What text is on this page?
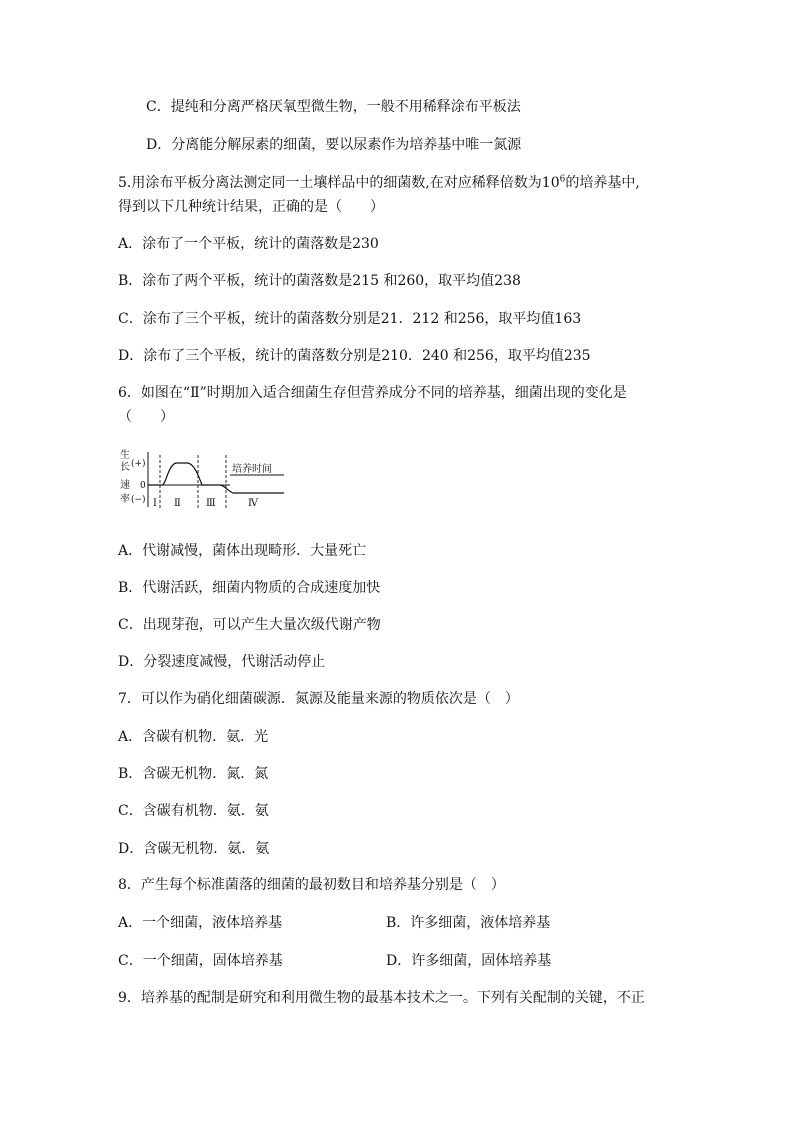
C．提纯和分离严格厌氧型微生物，一般不用稀释涂布平板法
D．分离能分解尿素的细菌，要以尿素作为培养基中唯一氮源
5.用涂布平板分离法测定同一土壤样品中的细菌数,在对应稀释倍数为$10^6$的培养基中,
得到以下几种统计结果，正确的是（　　）
A．涂布了一个平板，统计的菌落数是230
B．涂布了两个平板，统计的菌落数是215 和260，取平均值238
C．涂布了三个平板，统计的菌落数分别是21．212 和256，取平均值163
D．涂布了三个平板，统计的菌落数分别是210．240 和256，取平均值235
6．如图在“Ⅱ”时期加入适合细菌生存但营养成分不同的培养基，细菌出现的变化是
（　　）
生
长
速
率
(+)
0
(−)
培养时间
Ⅰ Ⅱ	Ⅲ	Ⅳ
A．代谢减慢，菌体出现畸形．大量死亡
B．代谢活跃，细菌内物质的合成速度加快
C．出现芽孢，可以产生大量次级代谢产物
D．分裂速度减慢，代谢活动停止
7．可以作为硝化细菌碳源．氮源及能量来源的物质依次是（　）
A．含碳有机物．氨．光
B．含碳无机物．氮．氮
C．含碳有机物．氨．氨
D．含碳无机物．氨．氨
8．产生每个标准菌落的细菌的最初数目和培养基分别是（　）
A．一个细菌，液体培养基	B．许多细菌，液体培养基
C．一个细菌，固体培养基	D．许多细菌，固体培养基
9．培养基的配制是研究和利用微生物的最基本技术之一。下列有关配制的关键，不正
